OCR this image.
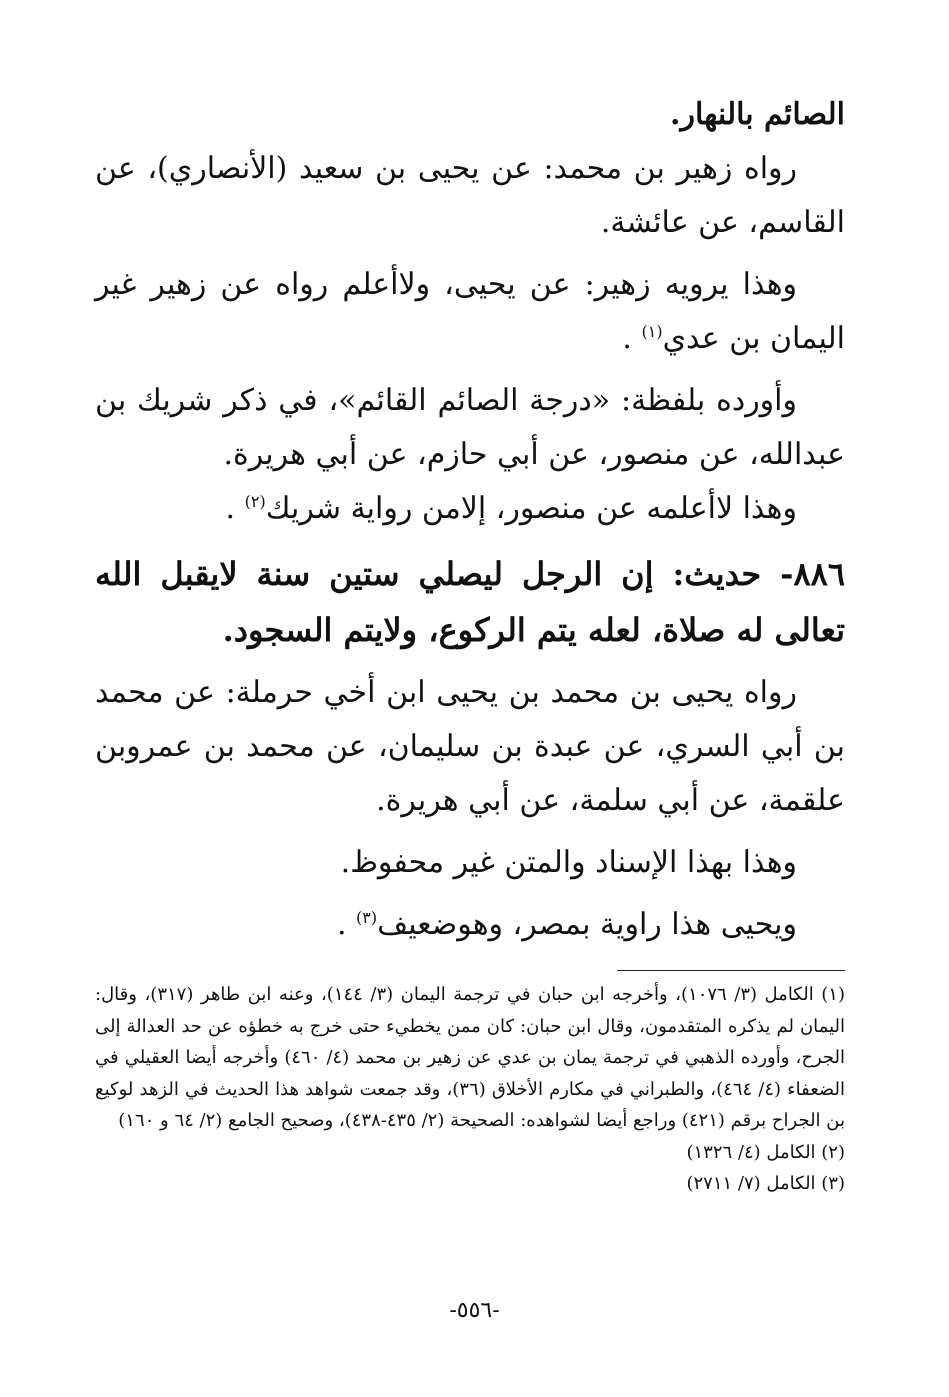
الصائم بالنهار.

رواه زهير بن محمد: عن يحيى بن سعيد (الأنصاري)، عن القاسم، عن عائشة.

وهذا يرويه زهير: عن يحيى، ولاأعلم رواه عن زهير غير اليمان بن عدي$^{(١)}$ .

وأورده بلفظة: «درجة الصائم القائم»، في ذكر شريك بن عبدالله، عن منصور، عن أبي حازم، عن أبي هريرة.

وهذا لاأعلمه عن منصور، إلامن رواية شريك$^{(٢)}$ .

٨٨٦- حديث: إن الرجل ليصلي ستين سنة لايقبل الله تعالى له صلاة، لعله يتم الركوع، ولايتم السجود.

رواه يحيى بن محمد بن يحيى ابن أخي حرملة: عن محمد بن أبي السري، عن عبدة بن سليمان، عن محمد بن عمروبن علقمة، عن أبي سلمة، عن أبي هريرة.

وهذا بهذا الإسناد والمتن غير محفوظ.

ويحيى هذا راوية بمصر، وهوضعيف$^{(٣)}$ .

(١) الكامل (٣/ ١٠٧٦)، وأخرجه ابن حبان في ترجمة اليمان (٣/ ١٤٤)، وعنه ابن طاهر (٣١٧)، وقال: اليمان لم يذكره المتقدمون، وقال ابن حبان: كان ممن يخطيء حتى خرج به خطؤه عن حد العدالة إلى الجرح، وأورده الذهبي في ترجمة يمان بن عدي عن زهير بن محمد (٤/ ٤٦٠) وأخرجه أيضا العقيلي في الضعفاء (٤/ ٤٦٤)، والطبراني في مكارم الأخلاق (٣٦)، وقد جمعت شواهد هذا الحديث في الزهد لوكيع بن الجراح برقم (٤٢١) وراجع أيضا لشواهده: الصحيحة (٢/ ٤٣٥-٤٣٨)، وصحيح الجامع (٢/ ٦٤ و ١٦٠)

(٢) الكامل (٤/ ١٣٢٦)

(٣) الكامل (٧/ ٢٧١١)

-٥٥٦-
